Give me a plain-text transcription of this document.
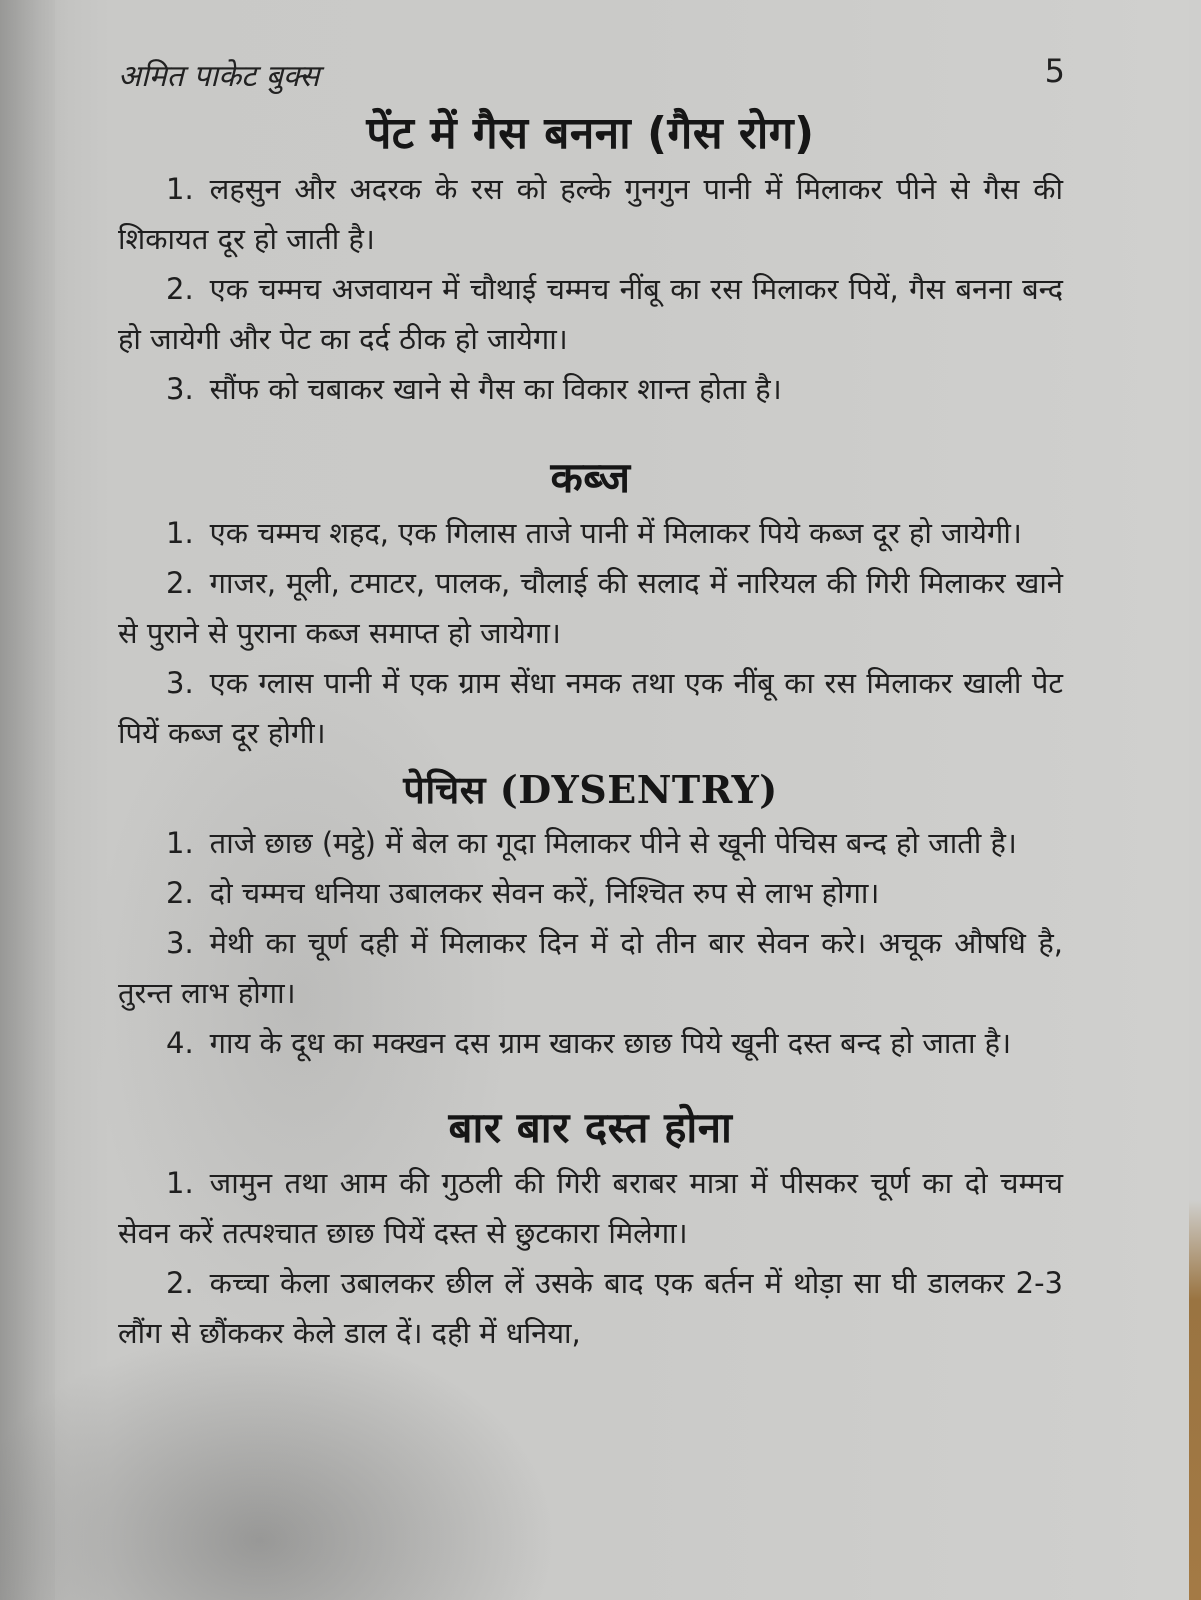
अमित पाकेट बुक्स	5
पेंट में गैस बनना (गैस रोग)

1. लहसुन और अदरक के रस को हल्के गुनगुन पानी में मिलाकर पीने से गैस की शिकायत दूर हो जाती है।

2. एक चम्मच अजवायन में चौथाई चम्मच नींबू का रस मिलाकर पियें, गैस बनना बन्द हो जायेगी और पेट का दर्द ठीक हो जायेगा।

3. सौंफ को चबाकर खाने से गैस का विकार शान्त होता है।

कब्ज

1. एक चम्मच शहद, एक गिलास ताजे पानी में मिलाकर पिये कब्ज दूर हो जायेगी।

2. गाजर, मूली, टमाटर, पालक, चौलाई की सलाद में नारियल की गिरी मिलाकर खाने से पुराने से पुराना कब्ज समाप्त हो जायेगा।

3. एक ग्लास पानी में एक ग्राम सेंधा नमक तथा एक नींबू का रस मिलाकर खाली पेट पियें कब्ज दूर होगी।

पेचिस (DYSENTRY)

1. ताजे छाछ (मट्ठे) में बेल का गूदा मिलाकर पीने से खूनी पेचिस बन्द हो जाती है।

2. दो चम्मच धनिया उबालकर सेवन करें, निश्चित रुप से लाभ होगा।

3. मेथी का चूर्ण दही में मिलाकर दिन में दो तीन बार सेवन करे। अचूक औषधि है, तुरन्त लाभ होगा।

4. गाय के दूध का मक्खन दस ग्राम खाकर छाछ पिये खूनी दस्त बन्द हो जाता है।

बार बार दस्त होना

1. जामुन तथा आम की गुठली की गिरी बराबर मात्रा में पीसकर चूर्ण का दो चम्मच सेवन करें तत्पश्चात छाछ पियें दस्त से छुटकारा मिलेगा।

2. कच्चा केला उबालकर छील लें उसके बाद एक बर्तन में थोड़ा सा घी डालकर 2-3 लौंग से छौंककर केले डाल दें। दही में धनिया,
